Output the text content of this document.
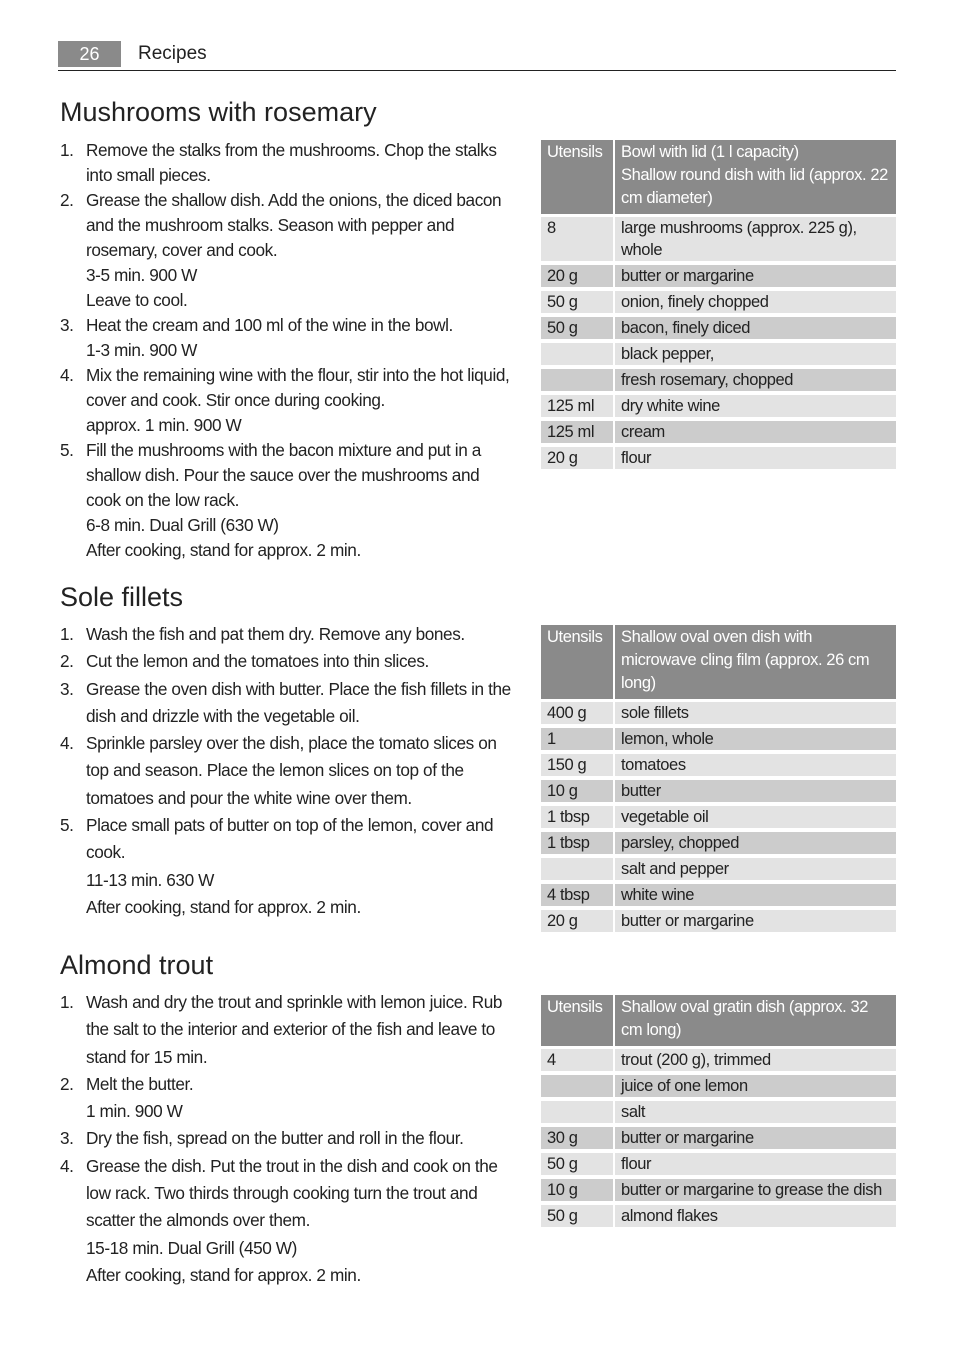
26	Recipes
Mushrooms with rosemary
1. Remove the stalks from the mushrooms. Chop the stalks into small pieces.
2. Grease the shallow dish. Add the onions, the diced bacon and the mushroom stalks. Season with pepper and rosemary, cover and cook.
3-5 min. 900 W
Leave to cool.
3. Heat the cream and 100 ml of the wine in the bowl.
1-3 min. 900 W
4. Mix the remaining wine with the flour, stir into the hot liquid, cover and cook. Stir once during cooking.
approx. 1 min. 900 W
5. Fill the mushrooms with the bacon mixture and put in a shallow dish. Pour the sauce over the mushrooms and cook on the low rack.
6-8 min. Dual Grill (630 W)
After cooking, stand for approx. 2 min.
Utensils	Bowl with lid (1 l capacity)
Shallow round dish with lid (approx. 22 cm diameter)

8	large mushrooms (approx. 225 g), whole
20 g	butter or margarine
50 g	onion, finely chopped
50 g	bacon, finely diced
	black pepper,
	fresh rosemary, chopped
125 ml	dry white wine
125 ml	cream
20 g	flour
Sole fillets
1. Wash the fish and pat them dry. Remove any bones.
2. Cut the lemon and the tomatoes into thin slices.
3. Grease the oven dish with butter. Place the fish fillets in the dish and drizzle with the vegetable oil.
4. Sprinkle parsley over the dish, place the tomato slices on top and season. Place the lemon slices on top of the tomatoes and pour the white wine over them.
5. Place small pats of butter on top of the lemon, cover and cook.
11-13 min. 630 W
After cooking, stand for approx. 2 min.
Utensils	Shallow oval oven dish with microwave cling film (approx. 26 cm long)

400 g	sole fillets
1	lemon, whole
150 g	tomatoes
10 g	butter
1 tbsp	vegetable oil
1 tbsp	parsley, chopped
	salt and pepper
4 tbsp	white wine
20 g	butter or margarine
Almond trout
1. Wash and dry the trout and sprinkle with lemon juice. Rub the salt to the interior and exterior of the fish and leave to stand for 15 min.
2. Melt the butter.
1 min. 900 W
3. Dry the fish, spread on the butter and roll in the flour.
4. Grease the dish. Put the trout in the dish and cook on the low rack. Two thirds through cooking turn the trout and scatter the almonds over them.
15-18 min. Dual Grill (450 W)
After cooking, stand for approx. 2 min.
Utensils	Shallow oval gratin dish (approx. 32 cm long)

4	trout (200 g), trimmed
	juice of one lemon
	salt
30 g	butter or margarine
50 g	flour
10 g	butter or margarine to grease the dish
50 g	almond flakes
